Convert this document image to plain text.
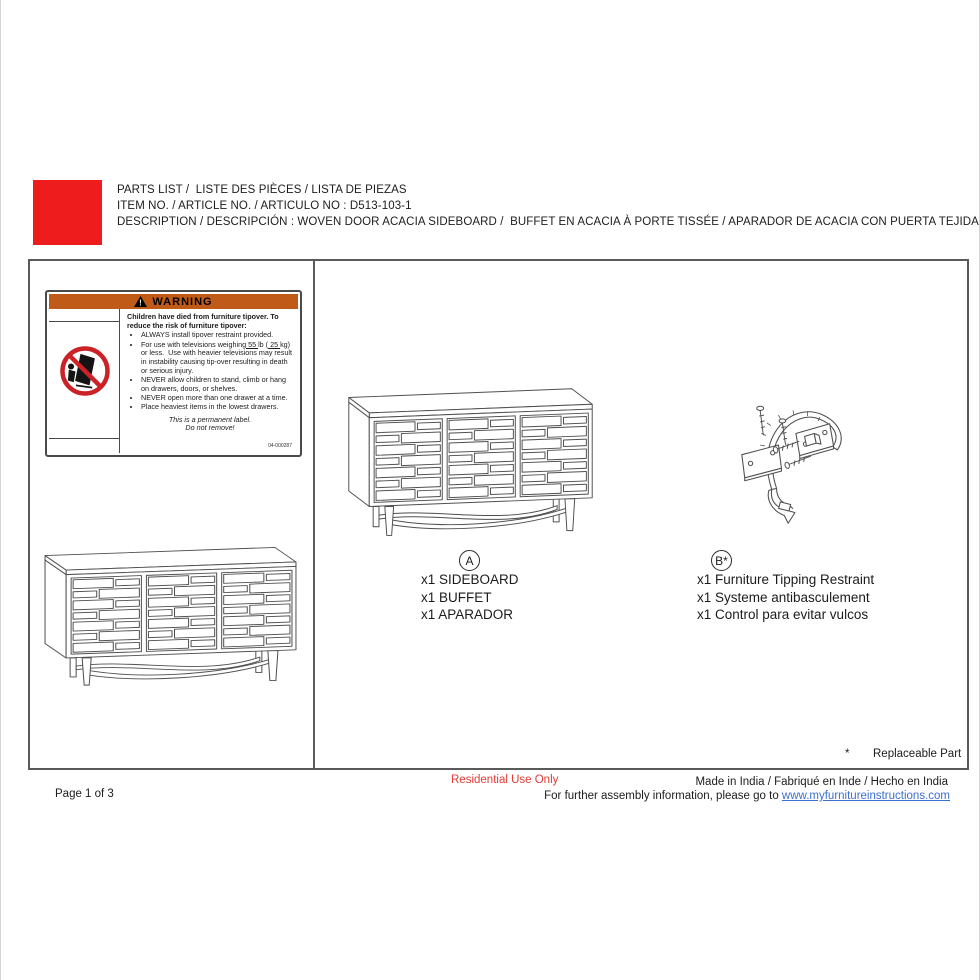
PARTS LIST /  LISTE DES PIÈCES / LISTA DE PIEZAS
ITEM NO. / ARTICLE NO. / ARTICULO NO : D513-103-1
DESCRIPTION / DESCRIPCIÓN : WOVEN DOOR ACACIA SIDEBOARD /  BUFFET EN ACACIA À PORTE TISSÉE / APARADOR DE ACACIA CON PUERTA TEJIDA
! WARNING
Children have died from furniture tipover. To reduce the risk of furniture tipover:
• ALWAYS install tipover restraint provided.
• For use with televisions weighing 55 lb ( 25 kg) or less.  Use with heavier televisions may result in instability causing tip-over resulting in death or serious injury.
• NEVER allow children to stand, climb or hang on drawers, doors, or shelves.
• NEVER open more than one drawer at a time.
• Place heaviest items in the lowest drawers.
This is a permanent label.
Do not remove!
04-000287
A
x1 SIDEBOARD
x1 BUFFET
x1 APARADOR
B*
x1 Furniture Tipping Restraint
x1 Systeme antibasculement
x1 Control para evitar vulcos
* Replaceable Part
Residential Use Only	Made in India / Fabriqué en Inde / Hecho en India
For further assembly information, please go to www.myfurnitureinstructions.com
Page 1 of 3
